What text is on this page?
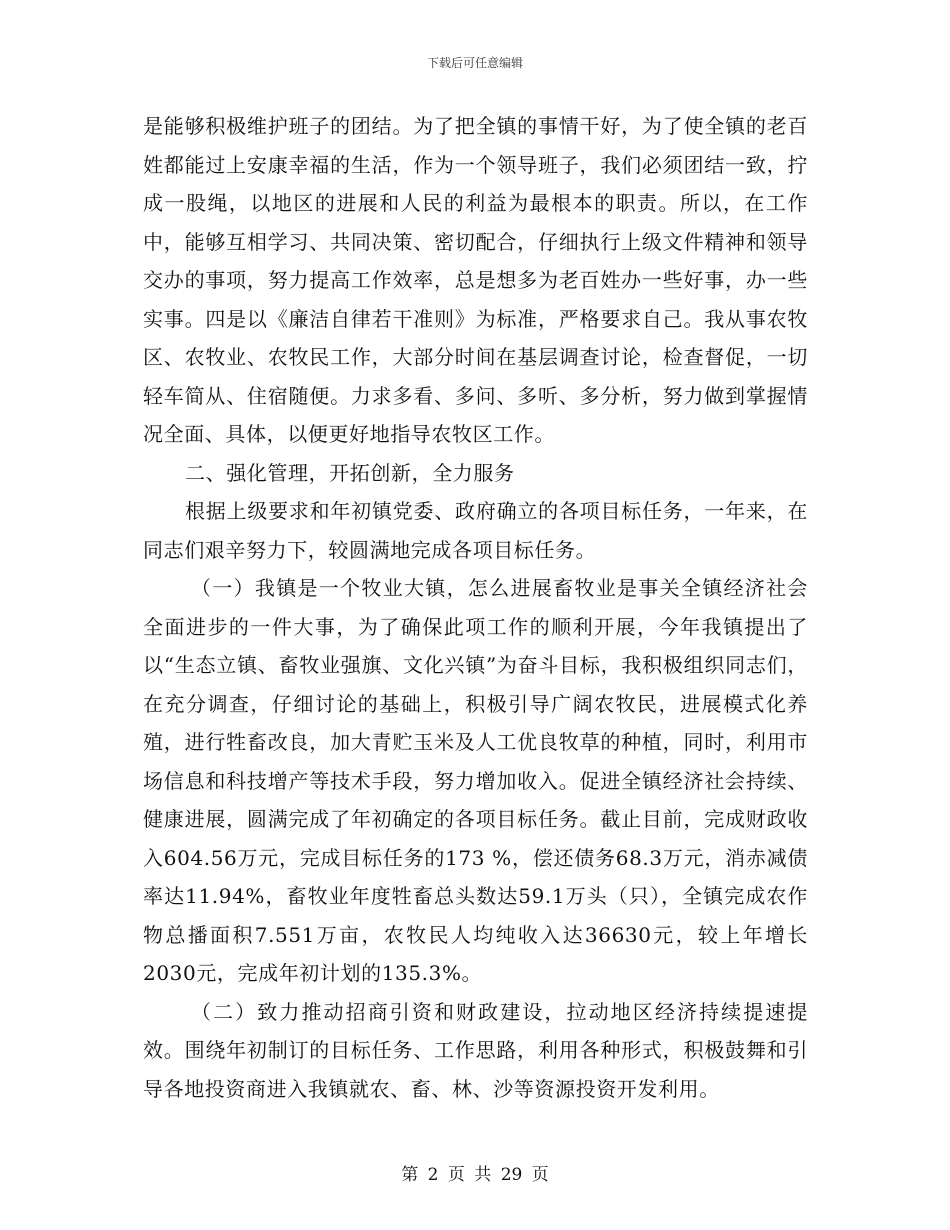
下载后可任意编辑

是能够积极维护班子的团结。为了把全镇的事情干好，为了使全镇的老百姓都能过上安康幸福的生活，作为一个领导班子，我们必须团结一致，拧成一股绳，以地区的进展和人民的利益为最根本的职责。所以，在工作中，能够互相学习、共同决策、密切配合，仔细执行上级文件精神和领导交办的事项，努力提高工作效率，总是想多为老百姓办一些好事，办一些实事。四是以《廉洁自律若干准则》为标准，严格要求自己。我从事农牧区、农牧业、农牧民工作，大部分时间在基层调查讨论，检查督促，一切轻车简从、住宿随便。力求多看、多问、多听、多分析，努力做到掌握情况全面、具体，以便更好地指导农牧区工作。

二、强化管理，开拓创新，全力服务

根据上级要求和年初镇党委、政府确立的各项目标任务，一年来，在同志们艰辛努力下，较圆满地完成各项目标任务。

（一）我镇是一个牧业大镇，怎么进展畜牧业是事关全镇经济社会全面进步的一件大事，为了确保此项工作的顺利开展，今年我镇提出了以“生态立镇、畜牧业强旗、文化兴镇”为奋斗目标，我积极组织同志们，在充分调查，仔细讨论的基础上，积极引导广阔农牧民，进展模式化养殖，进行牲畜改良，加大青贮玉米及人工优良牧草的种植，同时，利用市场信息和科技增产等技术手段，努力增加收入。促进全镇经济社会持续、健康进展，圆满完成了年初确定的各项目标任务。截止目前，完成财政收入604.56万元，完成目标任务的173 %，偿还债务68.3万元，消赤减债率达11.94%，畜牧业年度牲畜总头数达59.1万头（只），全镇完成农作物总播面积7.551万亩，农牧民人均纯收入达36630元，较上年增长2030元，完成年初计划的135.3%。

（二）致力推动招商引资和财政建设，拉动地区经济持续提速提效。围绕年初制订的目标任务、工作思路，利用各种形式，积极鼓舞和引导各地投资商进入我镇就农、畜、林、沙等资源投资开发利用。

第 2 页 共 29 页
